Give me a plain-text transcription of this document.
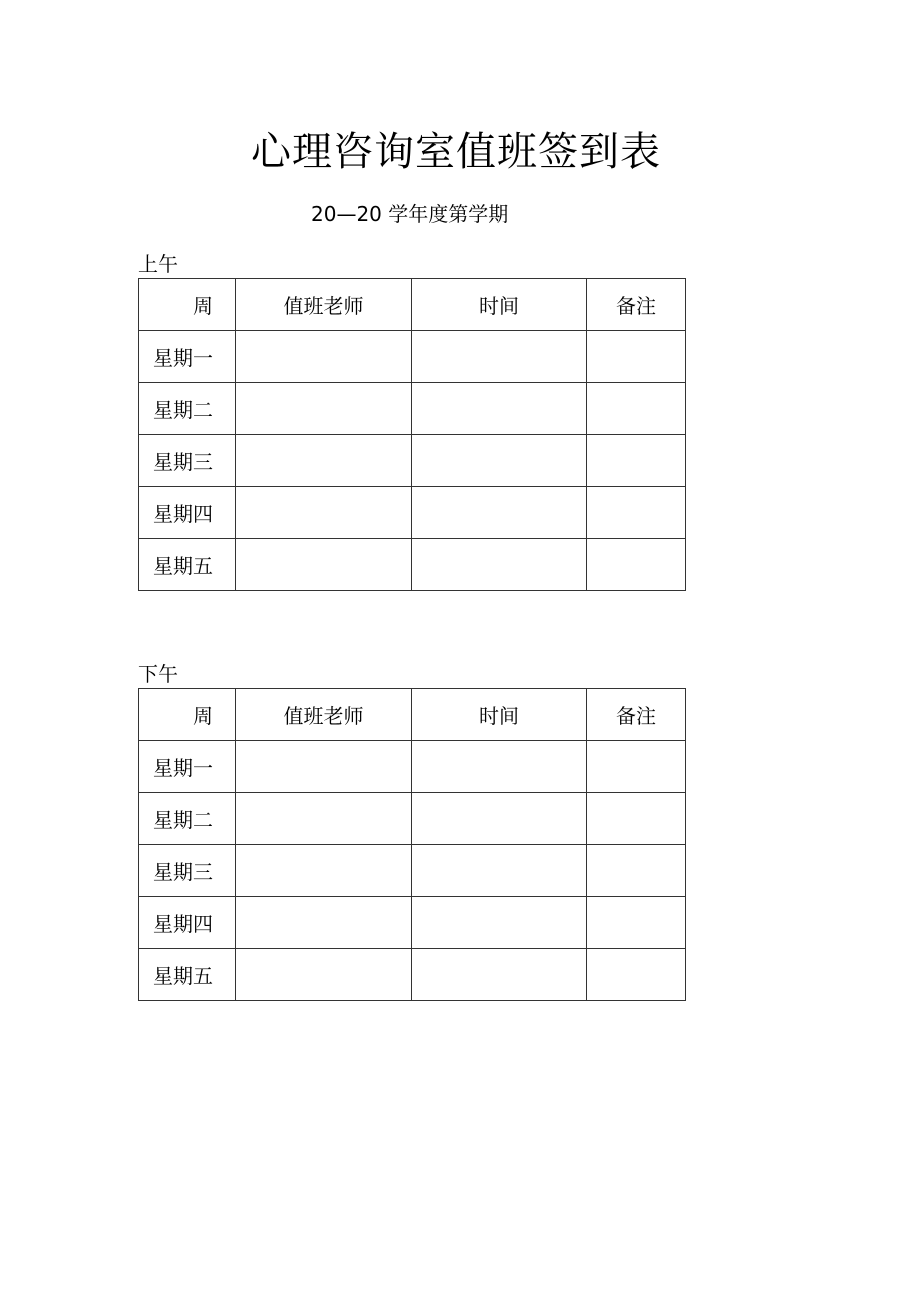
心理咨询室值班签到表
20—20 学年度第学期
上午
周	值班老师	时间	备注
星期一			
星期二			
星期三			
星期四			
星期五			
下午
周	值班老师	时间	备注
星期一			
星期二			
星期三			
星期四			
星期五			
